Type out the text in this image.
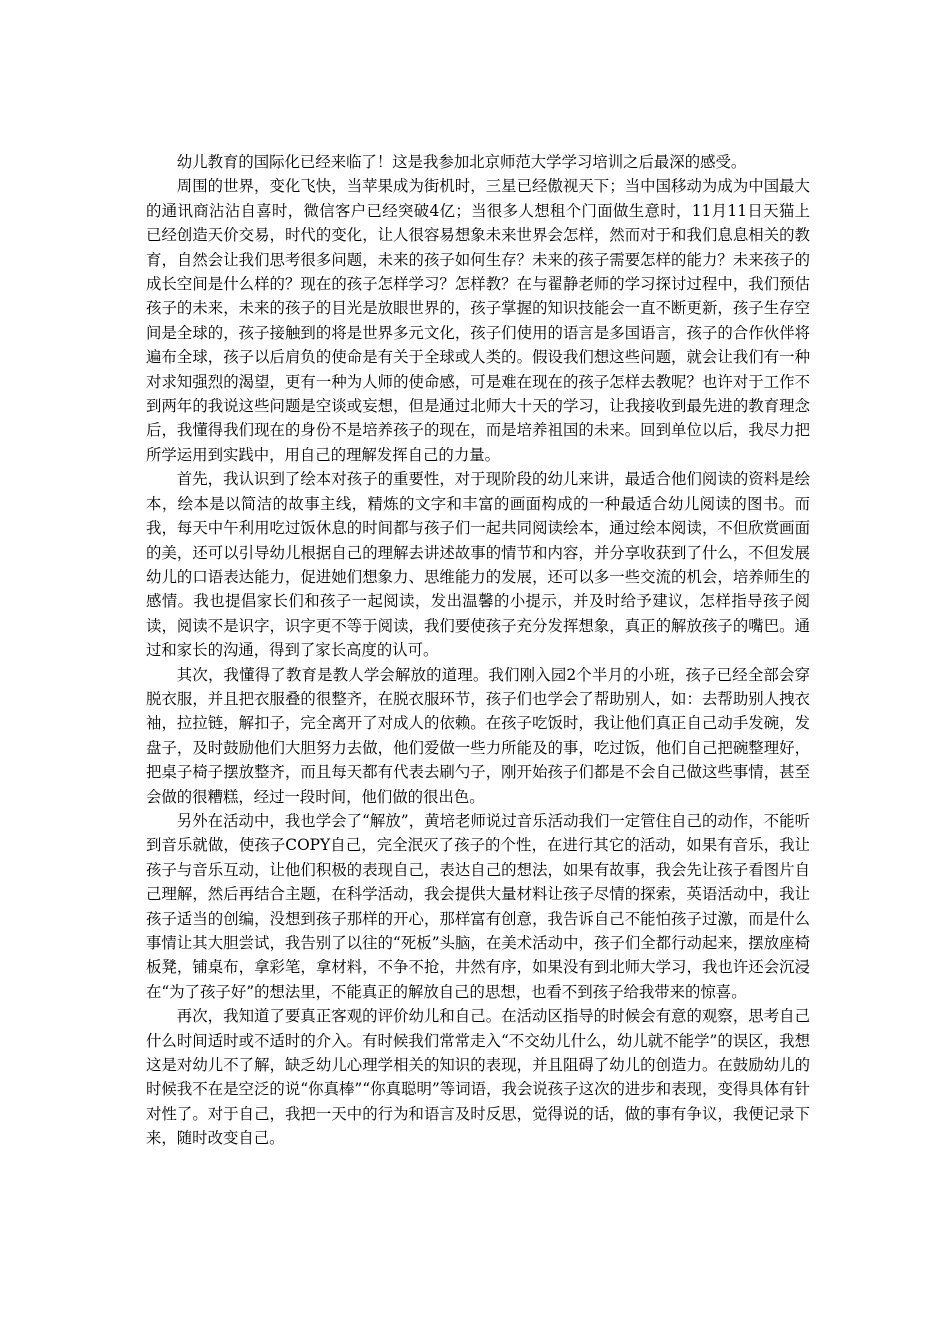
幼儿教育的国际化已经来临了！这是我参加北京师范大学学习培训之后最深的感受。

周围的世界，变化飞快，当苹果成为街机时，三星已经傲视天下；当中国移动为成为中国最大的通讯商沾沾自喜时，微信客户已经突破4亿；当很多人想租个门面做生意时，11月11日天猫上已经创造天价交易，时代的变化，让人很容易想象未来世界会怎样，然而对于和我们息息相关的教育，自然会让我们思考很多问题，未来的孩子如何生存？未来的孩子需要怎样的能力？未来孩子的成长空间是什么样的？现在的孩子怎样学习？怎样教？在与翟静老师的学习探讨过程中，我们预估孩子的未来，未来的孩子的目光是放眼世界的，孩子掌握的知识技能会一直不断更新，孩子生存空间是全球的，孩子接触到的将是世界多元文化，孩子们使用的语言是多国语言，孩子的合作伙伴将遍布全球，孩子以后肩负的使命是有关于全球或人类的。假设我们想这些问题，就会让我们有一种对求知强烈的渴望，更有一种为人师的使命感，可是难在现在的孩子怎样去教呢？也许对于工作不到两年的我说这些问题是空谈或妄想，但是通过北师大十天的学习，让我接收到最先进的教育理念后，我懂得我们现在的身份不是培养孩子的现在，而是培养祖国的未来。回到单位以后，我尽力把所学运用到实践中，用自己的理解发挥自己的力量。

首先，我认识到了绘本对孩子的重要性，对于现阶段的幼儿来讲，最适合他们阅读的资料是绘本，绘本是以简洁的故事主线，精炼的文字和丰富的画面构成的一种最适合幼儿阅读的图书。而我，每天中午利用吃过饭休息的时间都与孩子们一起共同阅读绘本，通过绘本阅读，不但欣赏画面的美，还可以引导幼儿根据自己的理解去讲述故事的情节和内容，并分享收获到了什么，不但发展幼儿的口语表达能力，促进她们想象力、思维能力的发展，还可以多一些交流的机会，培养师生的感情。我也提倡家长们和孩子一起阅读，发出温馨的小提示，并及时给予建议，怎样指导孩子阅读，阅读不是识字，识字更不等于阅读，我们要使孩子充分发挥想象，真正的解放孩子的嘴巴。通过和家长的沟通，得到了家长高度的认可。

其次，我懂得了教育是教人学会解放的道理。我们刚入园2个半月的小班，孩子已经全部会穿脱衣服，并且把衣服叠的很整齐，在脱衣服环节，孩子们也学会了帮助别人，如：去帮助别人拽衣袖，拉拉链，解扣子，完全离开了对成人的依赖。在孩子吃饭时，我让他们真正自己动手发碗，发盘子，及时鼓励他们大胆努力去做，他们爱做一些力所能及的事，吃过饭，他们自己把碗整理好，把桌子椅子摆放整齐，而且每天都有代表去刷勺子，刚开始孩子们都是不会自己做这些事情，甚至会做的很糟糕，经过一段时间，他们做的很出色。

另外在活动中，我也学会了“解放”，黄培老师说过音乐活动我们一定管住自己的动作，不能听到音乐就做，使孩子COPY自己，完全泯灭了孩子的个性，在进行其它的活动，如果有音乐，我让孩子与音乐互动，让他们积极的表现自己，表达自己的想法，如果有故事，我会先让孩子看图片自己理解，然后再结合主题，在科学活动，我会提供大量材料让孩子尽情的探索，英语活动中，我让孩子适当的创编，没想到孩子那样的开心，那样富有创意，我告诉自己不能怕孩子过激，而是什么事情让其大胆尝试，我告别了以往的“死板”头脑，在美术活动中，孩子们全都行动起来，摆放座椅板凳，铺桌布，拿彩笔，拿材料，不争不抢，井然有序，如果没有到北师大学习，我也许还会沉浸在“为了孩子好”的想法里，不能真正的解放自己的思想，也看不到孩子给我带来的惊喜。

再次，我知道了要真正客观的评价幼儿和自己。在活动区指导的时候会有意的观察，思考自己什么时间适时或不适时的介入。有时候我们常常走入“不交幼儿什么，幼儿就不能学”的误区，我想这是对幼儿不了解，缺乏幼儿心理学相关的知识的表现，并且阻碍了幼儿的创造力。在鼓励幼儿的时候我不在是空泛的说“你真棒”“你真聪明”等词语，我会说孩子这次的进步和表现，变得具体有针对性了。对于自己，我把一天中的行为和语言及时反思，觉得说的话，做的事有争议，我便记录下来，随时改变自己。
